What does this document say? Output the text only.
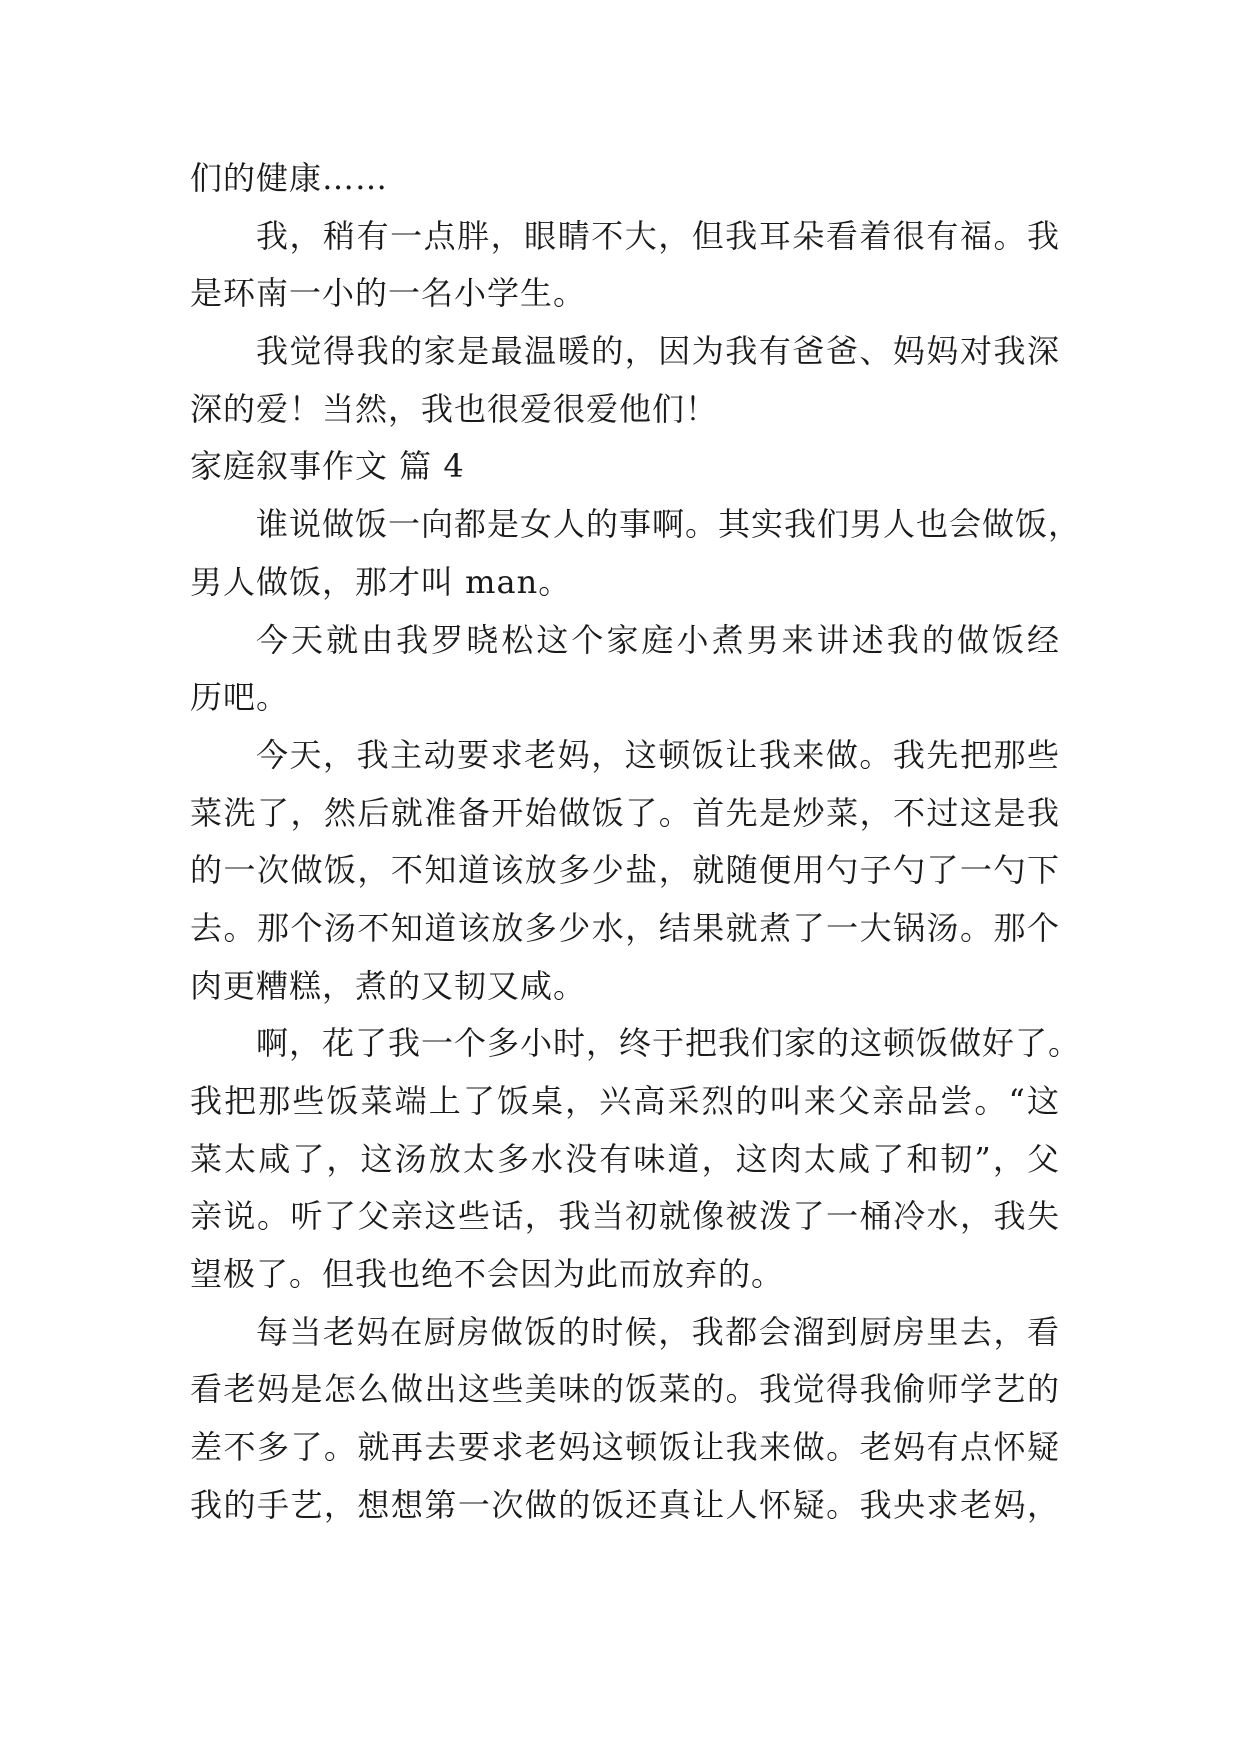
们的健康……
我，稍有一点胖，眼睛不大，但我耳朵看着很有福。我
是环南一小的一名小学生。
我觉得我的家是最温暖的，因为我有爸爸、妈妈对我深
深的爱！当然，我也很爱很爱他们！
家庭叙事作文 篇 4
谁说做饭一向都是女人的事啊。其实我们男人也会做饭，
男人做饭，那才叫 man。
今天就由我罗晓松这个家庭小煮男来讲述我的做饭经
历吧。
今天，我主动要求老妈，这顿饭让我来做。我先把那些
菜洗了，然后就准备开始做饭了。首先是炒菜，不过这是我
的一次做饭，不知道该放多少盐，就随便用勺子勺了一勺下
去。那个汤不知道该放多少水，结果就煮了一大锅汤。那个
肉更糟糕，煮的又韧又咸。
啊，花了我一个多小时，终于把我们家的这顿饭做好了。
我把那些饭菜端上了饭桌，兴高采烈的叫来父亲品尝。“这
菜太咸了，这汤放太多水没有味道，这肉太咸了和韧”，父
亲说。听了父亲这些话，我当初就像被泼了一桶冷水，我失
望极了。但我也绝不会因为此而放弃的。
每当老妈在厨房做饭的时候，我都会溜到厨房里去，看
看老妈是怎么做出这些美味的饭菜的。我觉得我偷师学艺的
差不多了。就再去要求老妈这顿饭让我来做。老妈有点怀疑
我的手艺，想想第一次做的饭还真让人怀疑。我央求老妈，
